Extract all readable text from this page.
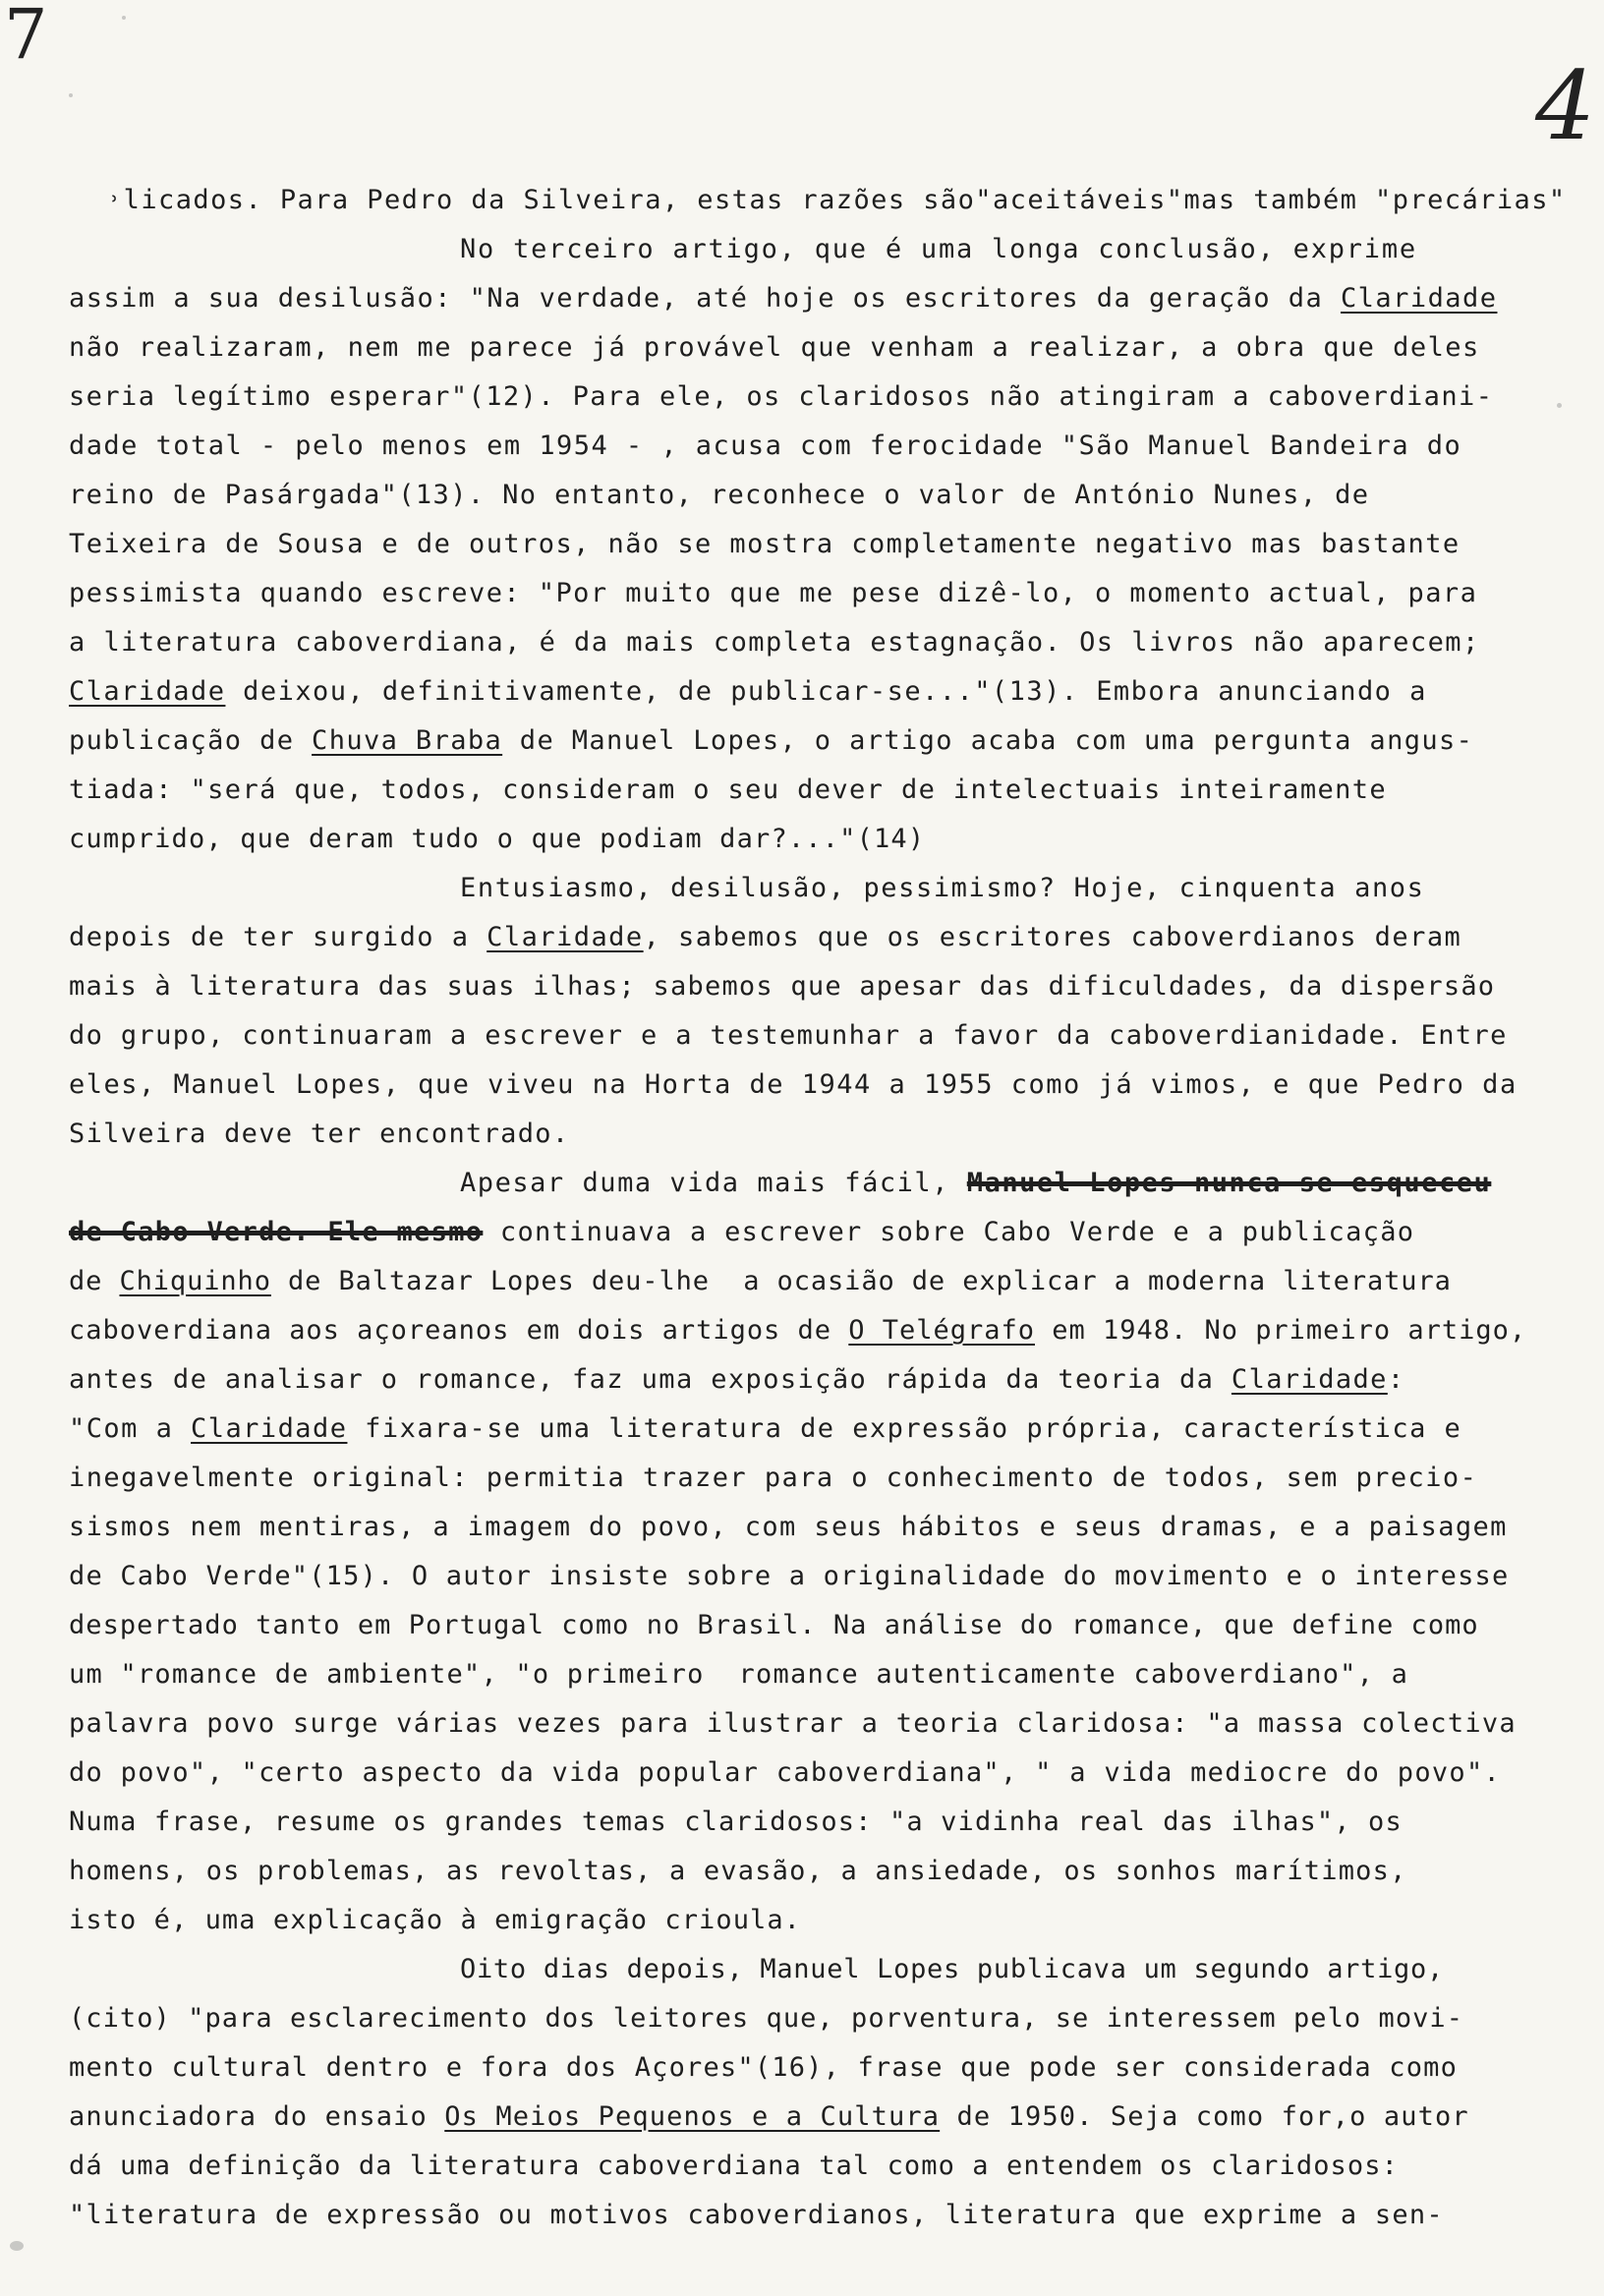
7
4
˒licados. Para Pedro da Silveira, estas razões são"aceitáveis"mas também "precárias"
No terceiro artigo, que é uma longa conclusão, exprime
assim a sua desilusão: "Na verdade, até hoje os escritores da geração da Claridade
não realizaram, nem me parece já provável que venham a realizar, a obra que deles
seria legítimo esperar"(12). Para ele, os claridosos não atingiram a caboverdiani-
dade total - pelo menos em 1954 - , acusa com ferocidade "São Manuel Bandeira do
reino de Pasárgada"(13). No entanto, reconhece o valor de António Nunes, de
Teixeira de Sousa e de outros, não se mostra completamente negativo mas bastante
pessimista quando escreve: "Por muito que me pese dizê-lo, o momento actual, para
a literatura caboverdiana, é da mais completa estagnação. Os livros não aparecem;
Claridade deixou, definitivamente, de publicar-se..."(13). Embora anunciando a
publicação de Chuva Braba de Manuel Lopes, o artigo acaba com uma pergunta angus-
tiada: "será que, todos, consideram o seu dever de intelectuais inteiramente
cumprido, que deram tudo o que podiam dar?..."(14)
Entusiasmo, desilusão, pessimismo? Hoje, cinquenta anos
depois de ter surgido a Claridade, sabemos que os escritores caboverdianos deram
mais à literatura das suas ilhas; sabemos que apesar das dificuldades, da dispersão
do grupo, continuaram a escrever e a testemunhar a favor da caboverdianidade. Entre
eles, Manuel Lopes, que viveu na Horta de 1944 a 1955 como já vimos, e que Pedro da
Silveira deve ter encontrado.
Apesar duma vida mais fácil, Manuel Lopes nunca se esqueceu
de Cabo Verde. Ele mesmo continuava a escrever sobre Cabo Verde e a publicação
de Chiquinho de Baltazar Lopes deu-lhe  a ocasião de explicar a moderna literatura
caboverdiana aos açoreanos em dois artigos de O Telégrafo em 1948. No primeiro artigo,
antes de analisar o romance, faz uma exposição rápida da teoria da Claridade:
"Com a Claridade fixara-se uma literatura de expressão própria, característica e
inegavelmente original: permitia trazer para o conhecimento de todos, sem precio-
sismos nem mentiras, a imagem do povo, com seus hábitos e seus dramas, e a paisagem
de Cabo Verde"(15). O autor insiste sobre a originalidade do movimento e o interesse
despertado tanto em Portugal como no Brasil. Na análise do romance, que define como
um "romance de ambiente", "o primeiro  romance autenticamente caboverdiano", a
palavra povo surge várias vezes para ilustrar a teoria claridosa: "a massa colectiva
do povo", "certo aspecto da vida popular caboverdiana", " a vida mediocre do povo".
Numa frase, resume os grandes temas claridosos: "a vidinha real das ilhas", os
homens, os problemas, as revoltas, a evasão, a ansiedade, os sonhos marítimos,
isto é, uma explicação à emigração crioula.
Oito dias depois, Manuel Lopes publicava um segundo artigo,
(cito) "para esclarecimento dos leitores que, porventura, se interessem pelo movi-
mento cultural dentro e fora dos Açores"(16), frase que pode ser considerada como
anunciadora do ensaio Os Meios Pequenos e a Cultura de 1950. Seja como for,o autor
dá uma definição da literatura caboverdiana tal como a entendem os claridosos:
"literatura de expressão ou motivos caboverdianos, literatura que exprime a sen-
